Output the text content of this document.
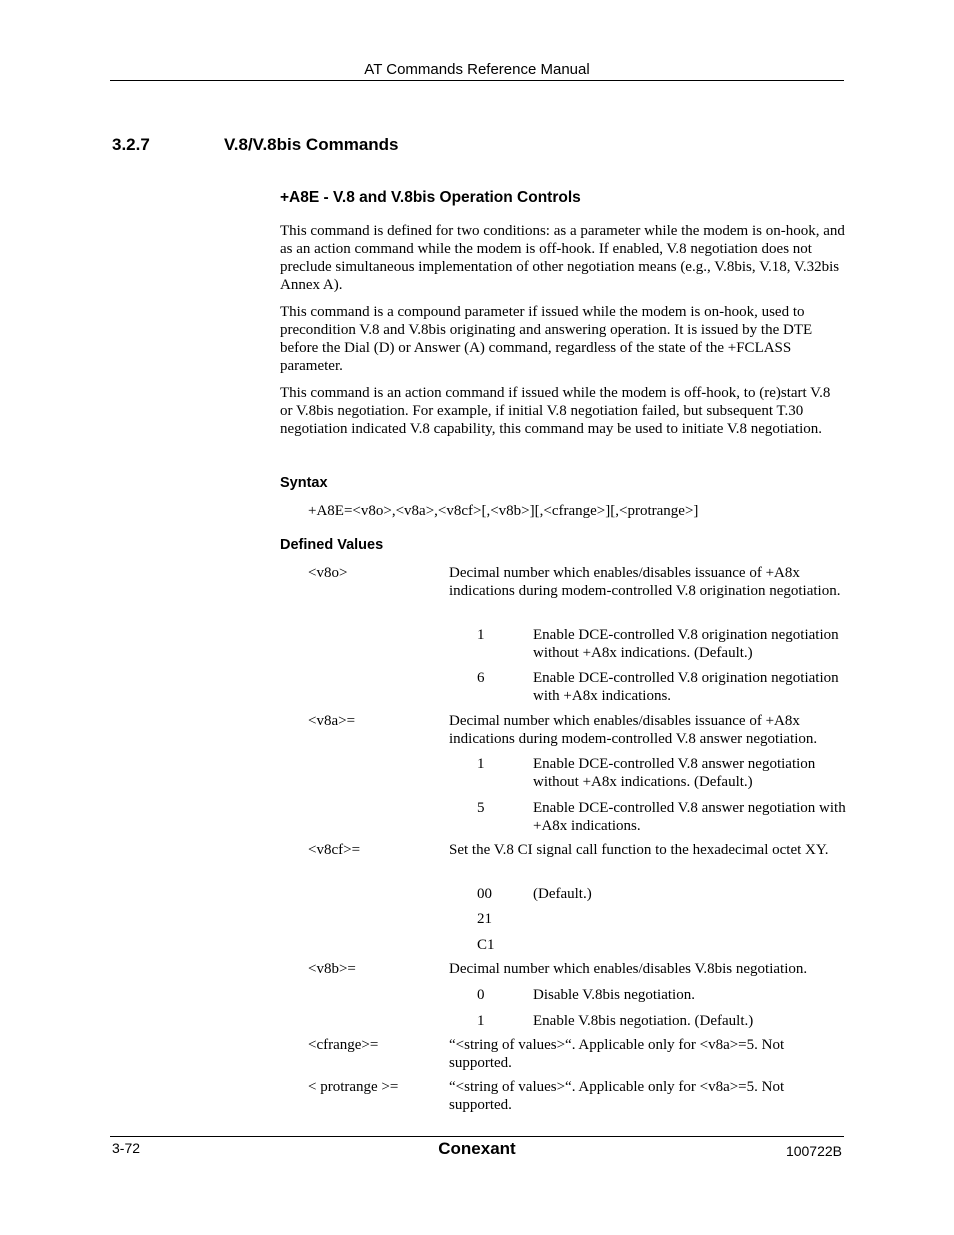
AT Commands Reference Manual
3.2.7	V.8/V.8bis Commands
+A8E - V.8 and V.8bis Operation Controls

This command is defined for two conditions: as a parameter while the modem is on-hook, and as an action command while the modem is off-hook. If enabled, V.8 negotiation does not preclude simultaneous implementation of other negotiation means (e.g., V.8bis, V.18, V.32bis Annex A).

This command is a compound parameter if issued while the modem is on-hook, used to precondition V.8 and V.8bis originating and answering operation. It is issued by the DTE before the Dial (D) or Answer (A) command, regardless of the state of the +FCLASS parameter.

This command is an action command if issued while the modem is off-hook, to (re)start V.8 or V.8bis negotiation. For example, if initial V.8 negotiation failed, but subsequent T.30 negotiation indicated V.8 capability, this command may be used to initiate V.8 negotiation.

Syntax
+A8E=<v8o>,<v8a>,<v8cf>[,<v8b>][,<cfrange>][,<protrange>]
Defined Values
<v8o>	Decimal number which enables/disables issuance of +A8x indications during modem-controlled V.8 origination negotiation.

1	Enable DCE-controlled V.8 origination negotiation without +A8x indications. (Default.)

6	Enable DCE-controlled V.8 origination negotiation with +A8x indications.

<v8a>=	Decimal number which enables/disables issuance of +A8x indications during modem-controlled V.8 answer negotiation.

1	Enable DCE-controlled V.8 answer negotiation without +A8x indications. (Default.)

5	Enable DCE-controlled V.8 answer negotiation with +A8x indications.

<v8cf>=	Set the V.8 CI signal call function to the hexadecimal octet XY.

00	(Default.)

21
C1
<v8b>=	Decimal number which enables/disables V.8bis negotiation.

0	Disable V.8bis negotiation.

1	Enable V.8bis negotiation. (Default.)

<cfrange>=	“<string of values>“. Applicable only for <v8a>=5. Not supported.

< protrange >=	“<string of values>“. Applicable only for <v8a>=5. Not supported.

3-72	Conexant	100722B
